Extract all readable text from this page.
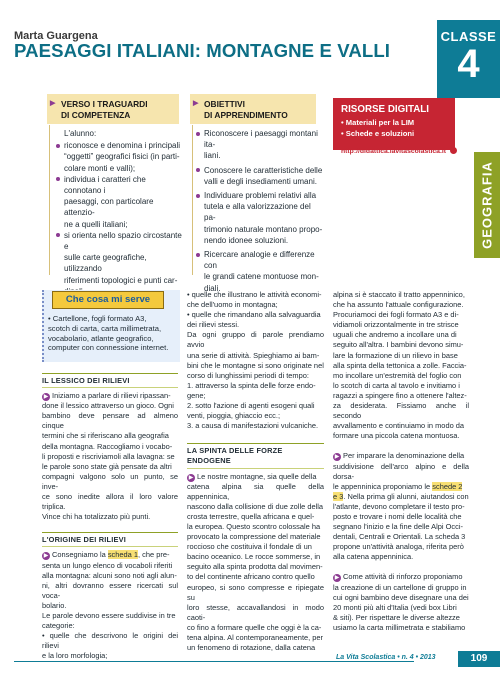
Marta Guargena
PAESAGGI ITALIANI: MONTAGNE E VALLI
CLASSE
4
GEOGRAFIA
▶ VERSO I TRAGUARDI
DI COMPETENZA
L'alunno:
riconosce e denomina i principali
“oggetti” geografici fisici (in parti-
colare monti e valli);
individua i caratteri che connotano i
paesaggi, con particolare attenzio-
ne a quelli italiani;
si orienta nello spazio circostante e
sulle carte geografiche, utilizzando
riferimenti topologici e punti car-
▶ OBIETTIVI
DI APPRENDIMENTO
Riconoscere i paesaggi montani ita-
liani.
Conoscere le caratteristiche delle
valli e degli insediamenti umani.
Individuare problemi relativi alla
tutela e alla valorizzazione del pa-
trimonio naturale montano propo-
nendo idonee soluzioni.
Ricercare analogie e differenze con
le grandi catene montuose mon-
diali.
RISORSE DIGITALI
• Materiali per la LIM
• Schede e soluzioni
http://didattica.lavitascolastica.it
Che cosa mi serve
• Cartellone, fogli formato A3,
scotch di carta, carta millimetrata,
vocabolario, atlante geografico,
computer con connessione internet.
IL LESSICO DEI RILIEVI
▶ Iniziamo a parlare di rilievi ripassan-
done il lessico attraverso un gioco. Ogni
bambino deve pensare ad almeno cinque
termini che si riferiscano alla geografia
della montagna. Raccogliamo i vocabo-
li proposti e riscriviamoli alla lavagna: se
le parole sono state già pensate da altri
compagni valgono solo un punto, se inve-
ce sono inedite allora il loro valore triplica.
Vince chi ha totalizzato più punti.
L'ORIGINE DEI RILIEVI
▶ Consegniamo la scheda 1, che pre-
senta un lungo elenco di vocaboli riferiti
alla montagna: alcuni sono noti agli alun-
ni, altri dovranno essere ricercati sul voca-
bolario.
Le parole devono essere suddivise in tre
categorie:
• quelle che descrivono le origini dei rilievi
e la loro morfologia;
• quelle che illustrano le attività economi-
che dell'uomo in montagna;
• quelle che rimandano alla salvaguardia
dei rilievi stessi.
Da ogni gruppo di parole prendiamo avvio
una serie di attività. Spieghiamo ai bam-
bini che le montagne si sono originate nel
corso di lunghissimi periodi di tempo:
1. attraverso la spinta delle forze endo-
gene;
2. sotto l'azione di agenti esogeni quali
venti, pioggia, ghiaccio ecc.;
3. a causa di manifestazioni vulcaniche.
LA SPINTA DELLE FORZE
ENDOGENE
▶ Le nostre montagne, sia quelle della
catena alpina sia quelle della appenninica,
nascono dalla collisione di due zolle della
crosta terrestre, quella africana e quel-
la europea. Questo scontro colossale ha
provocato la compressione del materiale
roccioso che costituiva il fondale di un
bacino oceanico. Le rocce sommerse, in
seguito alla spinta prodotta dal movimen-
to del continente africano contro quello
europeo, si sono compresse e ripiegate su
loro stesse, accavallandosi in modo caoti-
co fino a formare quelle che oggi è la ca-
tena alpina. Al contemporaneamente, per
un fenomeno di rotazione, dalla catena
alpina si è staccato il tratto appenninico,
che ha assunto l'attuale configurazione.
Procuriamoci dei fogli formato A3 e di-
vidiamoli orizzontalmente in tre strisce
uguali che andremo a incollare una di
seguito all'altra. I bambini devono simu-
lare la formazione di un rilievo in base
alla spinta della tettonica a zolle. Faccia-
mo incollare un'estremità del foglio con
lo scotch di carta al tavolo e invitiamo i
ragazzi a spingere fino a ottenere l'altez-
za desiderata. Fissiamo anche il secondo
avvallamento e continuiamo in modo da
formare una piccola catena montuosa.
▶ Per imparare la denominazione della
suddivisione dell'arco alpino e della dorsa-
le appenninica proponiamo le schede 2
e 3. Nella prima gli alunni, aiutandosi con
l'atlante, devono completare il testo pro-
posto e trovare i nomi delle località che
segnano l'inizio e la fine delle Alpi Occi-
dentali, Centrali e Orientali. La scheda 3
propone un'attività analoga, riferita però
alla catena appenninica.
▶ Come attività di rinforzo proponiamo
la creazione di un cartellone di gruppo in
cui ogni bambino deve disegnare una dei
20 monti più alti d'Italia (vedi box Libri
& siti). Per rispettare le diverse altezze
usiamo la carta millimetrata e stabiliamo
La Vita Scolastica • n. 4 • 2013	109
